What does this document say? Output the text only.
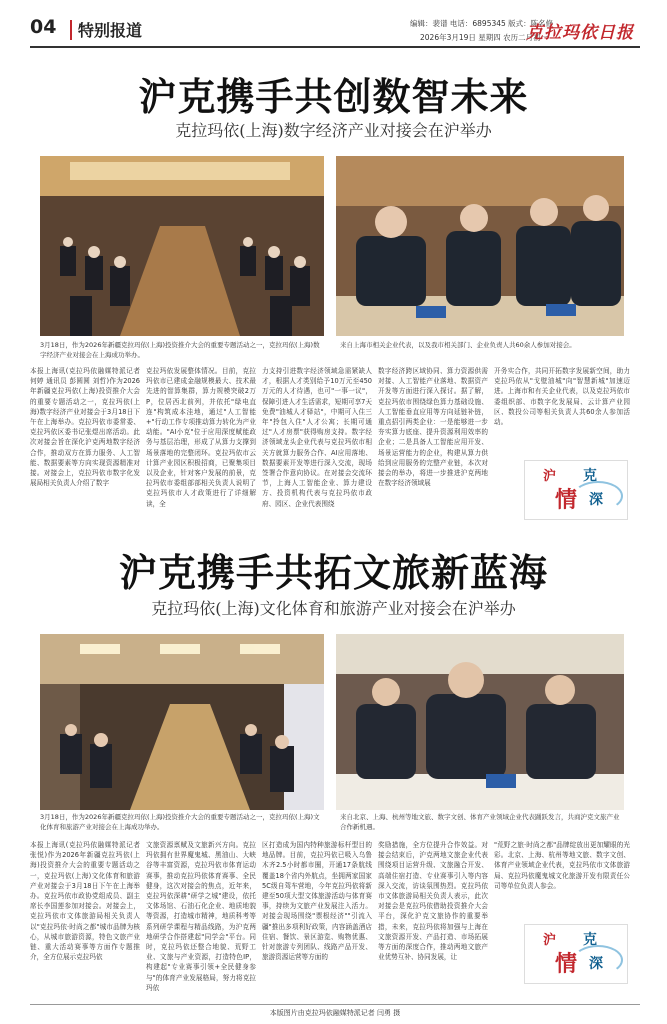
04 特别报道	编辑：裴谱 电话：6895345 版式：陈名修
2026年3月19日 星期四 农历二月初一
克拉玛依日报
沪克携手共创数智未来
克拉玛依(上海)数字经济产业对接会在沪举办
3月18日，作为2026年新疆克拉玛依(上海)投资推介大会的重要专题活动之一，克拉玛依(上海)数字经济产业对接会在上海成功举办。
来自上海市相关企业代表，以及我市相关部门、企业负责人共60余人参加对接会。
本报上海讯(克拉玛依融媒特派记者 何婷 通讯员 彭圆圆 刘哲)作为2026年新疆克拉玛依(上海)投资推介大会的重要专题活动之一，克拉玛依(上海)数字经济产业对接会于3月18日下午在上海举办。克拉玛依市委常委、克拉玛依区委书记张煜出席活动。此次对接会旨在深化沪克两地数字经济合作，推动双方在算力服务、人工智能、数据要素等方向实现资源精准对接。对接会上，克拉玛依市数字化发展局相关负责人介绍了数字
克拉玛依发展整体情况。目前，克拉玛依市已建成金融规模最大、技术最先进的智算集群，算力规模突破2万P，位居西北前列，并依托"绿电直连"构筑成本洼地，通过"人工智能+"行动工作专项推动算力转化为产业动能。"AI小克"位于应用深度赋能政务与基层治理，形成了从算力支撑到场景落地的完整闭环。克拉玛依市云计算产业园区积极招商，已聚集项目以及企业，针对客户发展的前景，克拉玛依市委组部部相关负责人说明了克拉玛依市人才政策进行了详细解读，全
力支持引进数字经济领域急需紧缺人才，根据人才类别给予10万元至450万元的人才待遇，也可"一事一议"，保障引进人才生活需求，短期可享7天免费"油城人才驿站"，中期可入住三年"拎包入住"人才公寓；长期可通过"人才房票"获得购房支持。数字经济领域龙头企业代表与克拉玛依市相关方就算力服务合作、AI应用落地、数据要素开发等进行深入交流，现场签署合作意向协议。在对接会交流环节，上海人工智能企业、算力建设方、投资机构代表与克拉玛依市政府、园区、企业代表围绕
数字经济跨区域协同、算力资源供需对接、人工智能产业落地、数据资产开发等方面进行深入探讨。据了解，克拉玛依市围绕绿色算力基础设施、人工智能垂直应用等方向延链补链，重点招引两类企业：一是能够进一步夯实算力底座、提升资源利用效率的企业；二是具备人工智能应用开发、场景运营能力的企业，构建从算力供给到应用服务的完整产业链，本次对接会的举办，将进一步推进沪克两地在数字经济领域展
开务实合作，共同开拓数字发展新空间，助力克拉玛依从"戈壁油城"向"智慧新城"加速迈进。上海市和有关企业代表，以及克拉玛依市委组织部、市数字化发展局、云计算产业园区、数投公司等相关负责人共60余人参加活动。
沪 克
情 深
沪克携手共拓文旅新蓝海
克拉玛依(上海)文化体育和旅游产业对接会在沪举办
3月18日，作为2026年新疆克拉玛依(上海)投资推介大会的重要专题活动之一，克拉玛依(上海)文化体育和旅游产业对接会在上海成功举办。
来自北京、上海、杭州等地文旅、数字文创、体育产业领域企业代表踊跃发言，共商沪克文旅产业合作新机遇。
本报上海讯(克拉玛依融媒特派记者 张悦)作为2026年新疆克拉玛依(上海)投资推介大会的重要专题活动之一，克拉玛依(上海)文化体育和旅游产业对接会于3月18日下午在上海举办。克拉玛依市政协党组成员、副主席长李国莲参加对接会。对接会上，克拉玛依市文体旅游局相关负责人以"克拉玛依·时尚之都"城市品牌为核心，从城市旅游资源，特色文旅产业链、重大活动赛事等方面作专题推介，全方位展示克拉玛依
文旅资源禀赋及文旅新兴方向。克拉玛依拥有世界魔鬼城、黑油山、大峡谷等丰富资源，克拉玛依市体育运动赛事，推动克拉玛依体育赛事、全民健身，这次对接会的焦点，近年来，克拉玛依深耕"研学之城"建设，依托文体场馆、石油石化企业、地质地貌等资源，打造城市精神，地质科考等系列研学课程与精品线路，为沪克两地研学合作搭建起"同学会"平台。同时，克拉玛依还整合地貌、荒野工业、文旅与产业资源，打造特色IP，构建起"专业赛事引领+全民健身参与"的体育产业发展格局，努力将克拉玛依
区打造成为国内特种旅游标杆型目的地品牌。目前，克拉玛依已吸入乌鲁木齐2.5小时都市圈，开通17条航线覆盖18个省内外航点，坐拥两家国家5C级自驾车营地，今年克拉玛依将新建至50项大型文体旅游活动与体育赛事，持续为文旅产业发展注入活力。对接会现场围绕"票根经济""引流入疆"推出多项利好政策，内容涵盖酒店住宿、餐饮、景区游览、购物优惠、针对旅游专列团队、线路产品开发、旅游资源运营等方面的
奖励措施，全方位提升合作效益。对接会结束后，沪克两地文旅企业代表围绕项目运营升级、文旅融合开发、高端住宿打造、专业赛事引入等内容深入交流，访谈氛围热烈。克拉玛依市文体旅游局相关负责人表示，此次对接会是克拉玛依借助投资推介大会平台，深化沪克文旅协作的重要举措，未来，克拉玛依将加强与上海在文旅资源开发、产品打造、市场拓展等方面的深度合作，推动两地文旅产业优势互补、协同发展，让
"荒野之旅·时尚之都"品牌绽放出更加耀眼的光彩。北京、上海、杭州等地文旅、数字文创、体育产业领域企业代表，克拉玛依市文体旅游局、克拉玛依魔鬼城文化旅游开发有限责任公司等单位负责人参会。
沪 克
情 深
本版图片由克拉玛依融媒特派记者 闫勇 摄
